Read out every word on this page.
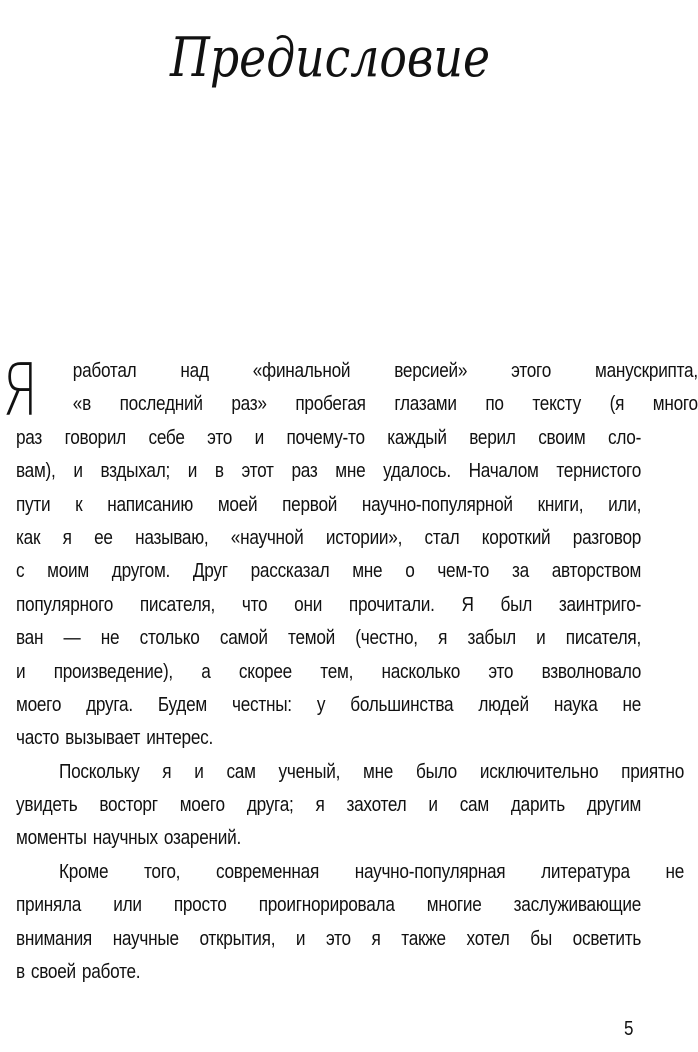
Предисловие
Я работал над «финальной версией» этого манускрипта,
«в последний раз» пробегая глазами по тексту (я много
раз говорил себе это и почему-то каждый верил своим сло-
вам), и вздыхал; и в этот раз мне удалось. Началом тернистого
пути к написанию моей первой научно-популярной книги, или,
как я ее называю, «научной истории», стал короткий разговор
с моим другом. Друг рассказал мне о чем-то за авторством
популярного писателя, что они прочитали. Я был заинтриго-
ван — не столько самой темой (честно, я забыл и писателя,
и произведение), а скорее тем, насколько это взволновало
моего друга. Будем честны: у большинства людей наука не
часто вызывает интерес.
Поскольку я и сам ученый, мне было исключительно приятно
увидеть восторг моего друга; я захотел и сам дарить другим
моменты научных озарений.
Кроме того, современная научно-популярная литература не
приняла или просто проигнорировала многие заслуживающие
внимания научные открытия, и это я также хотел бы осветить
в своей работе.
5
